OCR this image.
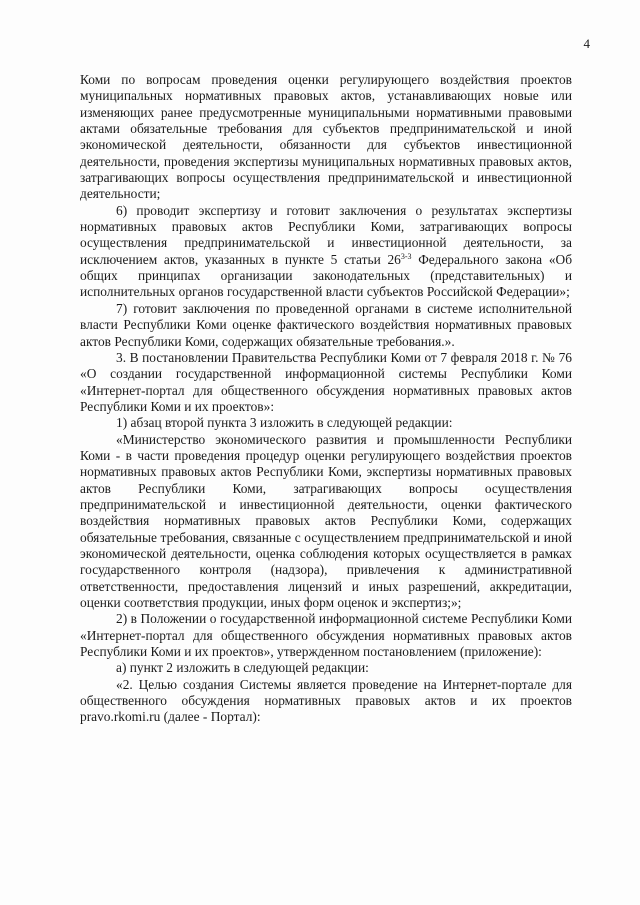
4

Коми по вопросам проведения оценки регулирующего воздействия проектов муниципальных нормативных правовых актов, устанавливающих новые или изменяющих ранее предусмотренные муниципальными нормативными правовыми актами обязательные требования для субъектов предпринимательской и иной экономической деятельности, обязанности для субъектов инвестиционной деятельности, проведения экспертизы муниципальных нормативных правовых актов, затрагивающих вопросы осуществления предпринимательской и инвестиционной деятельности;

6) проводит экспертизу и готовит заключения о результатах экспертизы нормативных правовых актов Республики Коми, затрагивающих вопросы осуществления предпринимательской и инвестиционной деятельности, за исключением актов, указанных в пункте 5 статьи 26$^{3-3}$ Федерального закона «Об общих принципах организации законодательных (представительных) и исполнительных органов государственной власти субъектов Российской Федерации»;

7) готовит заключения по проведенной органами в системе исполнительной власти Республики Коми оценке фактического воздействия нормативных правовых актов Республики Коми, содержащих обязательные требования.».

3. В постановлении Правительства Республики Коми от 7 февраля 2018 г. № 76 «О создании государственной информационной системы Республики Коми «Интернет-портал для общественного обсуждения нормативных правовых актов Республики Коми и их проектов»:

1) абзац второй пункта 3 изложить в следующей редакции:

«Министерство экономического развития и промышленности Республики Коми - в части проведения процедур оценки регулирующего воздействия проектов нормативных правовых актов Республики Коми, экспертизы нормативных правовых актов Республики Коми, затрагивающих вопросы осуществления предпринимательской и инвестиционной деятельности, оценки фактического воздействия нормативных правовых актов Республики Коми, содержащих обязательные требования, связанные с осуществлением предпринимательской и иной экономической деятельности, оценка соблюдения которых осуществляется в рамках государственного контроля (надзора), привлечения к административной ответственности, предоставления лицензий и иных разрешений, аккредитации, оценки соответствия продукции, иных форм оценок и экспертиз;»;

2) в Положении о государственной информационной системе Республики Коми «Интернет-портал для общественного обсуждения нормативных правовых актов Республики Коми и их проектов», утвержденном постановлением (приложение):

а) пункт 2 изложить в следующей редакции:

«2. Целью создания Системы является проведение на Интернет-портале для общественного обсуждения нормативных правовых актов и их проектов pravo.rkomi.ru (далее - Портал):
